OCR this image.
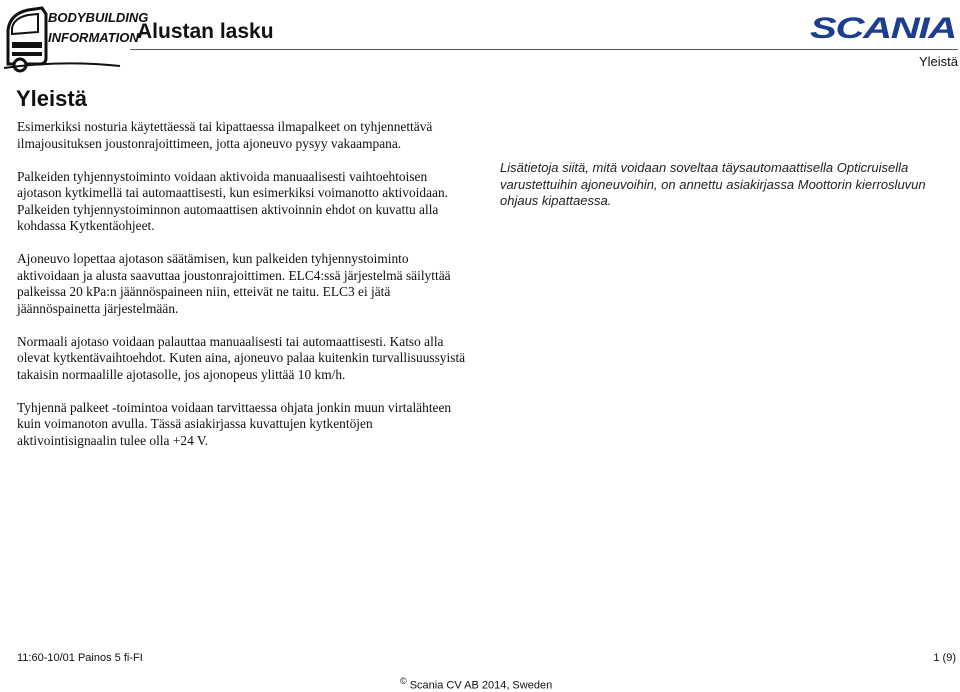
BODYBUILDING
INFORMATION
Alustan lasku	SCANIA
Yleistä
Yleistä

Esimerkiksi nosturia käytettäessä tai kipattaessa ilmapalkeet on tyhjennettävä ilmajousituksen joustonrajoittimeen, jotta ajoneuvo pysyy vakaampana.

Palkeiden tyhjennystoiminto voidaan aktivoida manuaalisesti vaihtoehtoisen ajotason kytkimellä tai automaattisesti, kun esimerkiksi voimanotto aktivoidaan. Palkeiden tyhjennystoiminnon automaattisen aktivoinnin ehdot on kuvattu alla kohdassa Kytkentäohjeet.

Ajoneuvo lopettaa ajotason säätämisen, kun palkeiden tyhjennystoiminto aktivoidaan ja alusta saavuttaa joustonrajoittimen. ELC4:ssä järjestelmä säilyttää palkeissa 20 kPa:n jäännöspaineen niin, etteivät ne taitu. ELC3 ei jätä jäännöspainetta järjestelmään.

Normaali ajotaso voidaan palauttaa manuaalisesti tai automaattisesti. Katso alla olevat kytkentävaihtoehdot. Kuten aina, ajoneuvo palaa kuitenkin turvallisuussyistä takaisin normaalille ajotasolle, jos ajonopeus ylittää 10 km/h.

Tyhjennä palkeet -toimintoa voidaan tarvittaessa ohjata jonkin muun virtalähteen kuin voimanoton avulla. Tässä asiakirjassa kuvattujen kytkentöjen aktivointisignaalin tulee olla +24 V.

Lisätietoja siitä, mitä voidaan soveltaa täysautomaattisella Opticruisella varustettuihin ajoneuvoihin, on annettu asiakirjassa Moottorin kierrosluvun ohjaus kipattaessa.
11:60-10/01 Painos 5 fi-FI	1 (9)
© Scania CV AB 2014, Sweden
